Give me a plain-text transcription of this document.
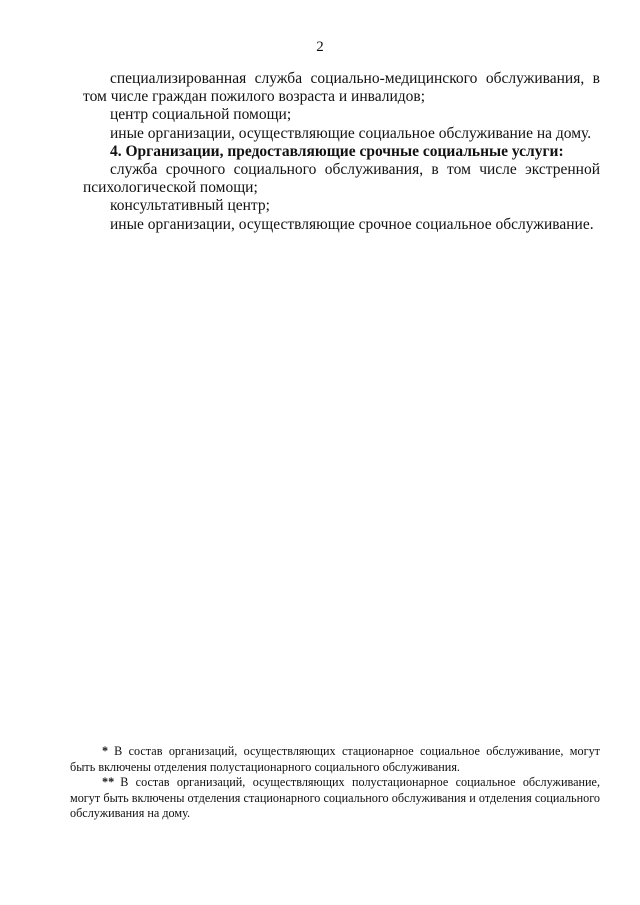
2

специализированная служба социально-медицинского обслуживания, в том числе граждан пожилого возраста и инвалидов;

центр социальной помощи;

иные организации, осуществляющие социальное обслуживание на дому.

4. Организации, предоставляющие срочные социальные услуги:

служба срочного социального обслуживания, в том числе экстренной психологической помощи;

консультативный центр;

иные организации, осуществляющие срочное социальное обслуживание.

* В состав организаций, осуществляющих стационарное социальное обслуживание, могут быть включены отделения полустационарного социального обслуживания.

** В состав организаций, осуществляющих полустационарное социальное обслуживание, могут быть включены отделения стационарного социального обслуживания и отделения социального обслуживания на дому.
